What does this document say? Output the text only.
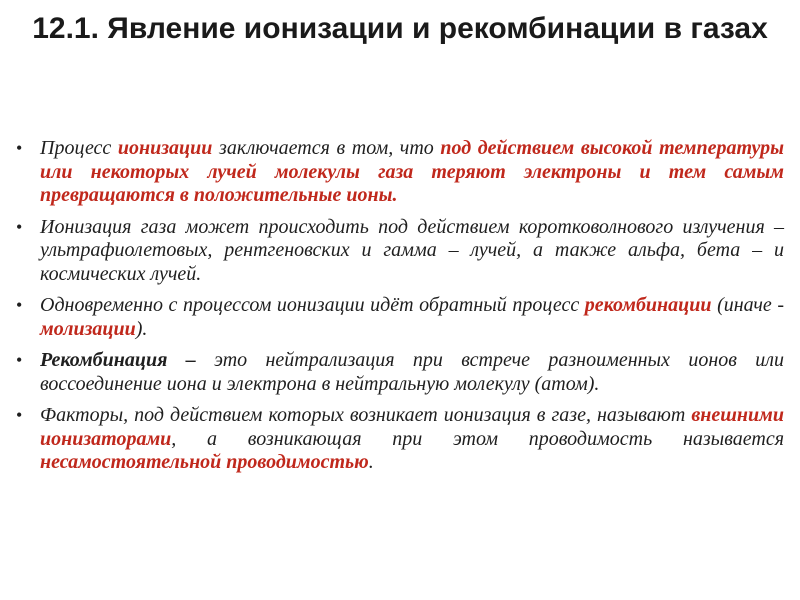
12.1. Явление ионизации и рекомбинации в газах
• Процесс ионизации заключается в том, что под действием высокой температуры или некоторых лучей молекулы газа теряют электроны и тем самым превращаются в положительные ионы.
• Ионизация газа может происходить под действием коротковолнового излучения – ультрафиолетовых, рентгеновских и гамма – лучей, а также альфа, бета – и космических лучей.
• Одновременно с процессом ионизации идёт обратный процесс рекомбинации (иначе - молизации).
• Рекомбинация – это нейтрализация при встрече разноименных ионов или воссоединение иона и электрона в нейтральную молекулу (атом).
• Факторы, под действием которых возникает ионизация в газе, называют внешними ионизаторами, а возникающая при этом проводимость называется несамостоятельной проводимостью.
